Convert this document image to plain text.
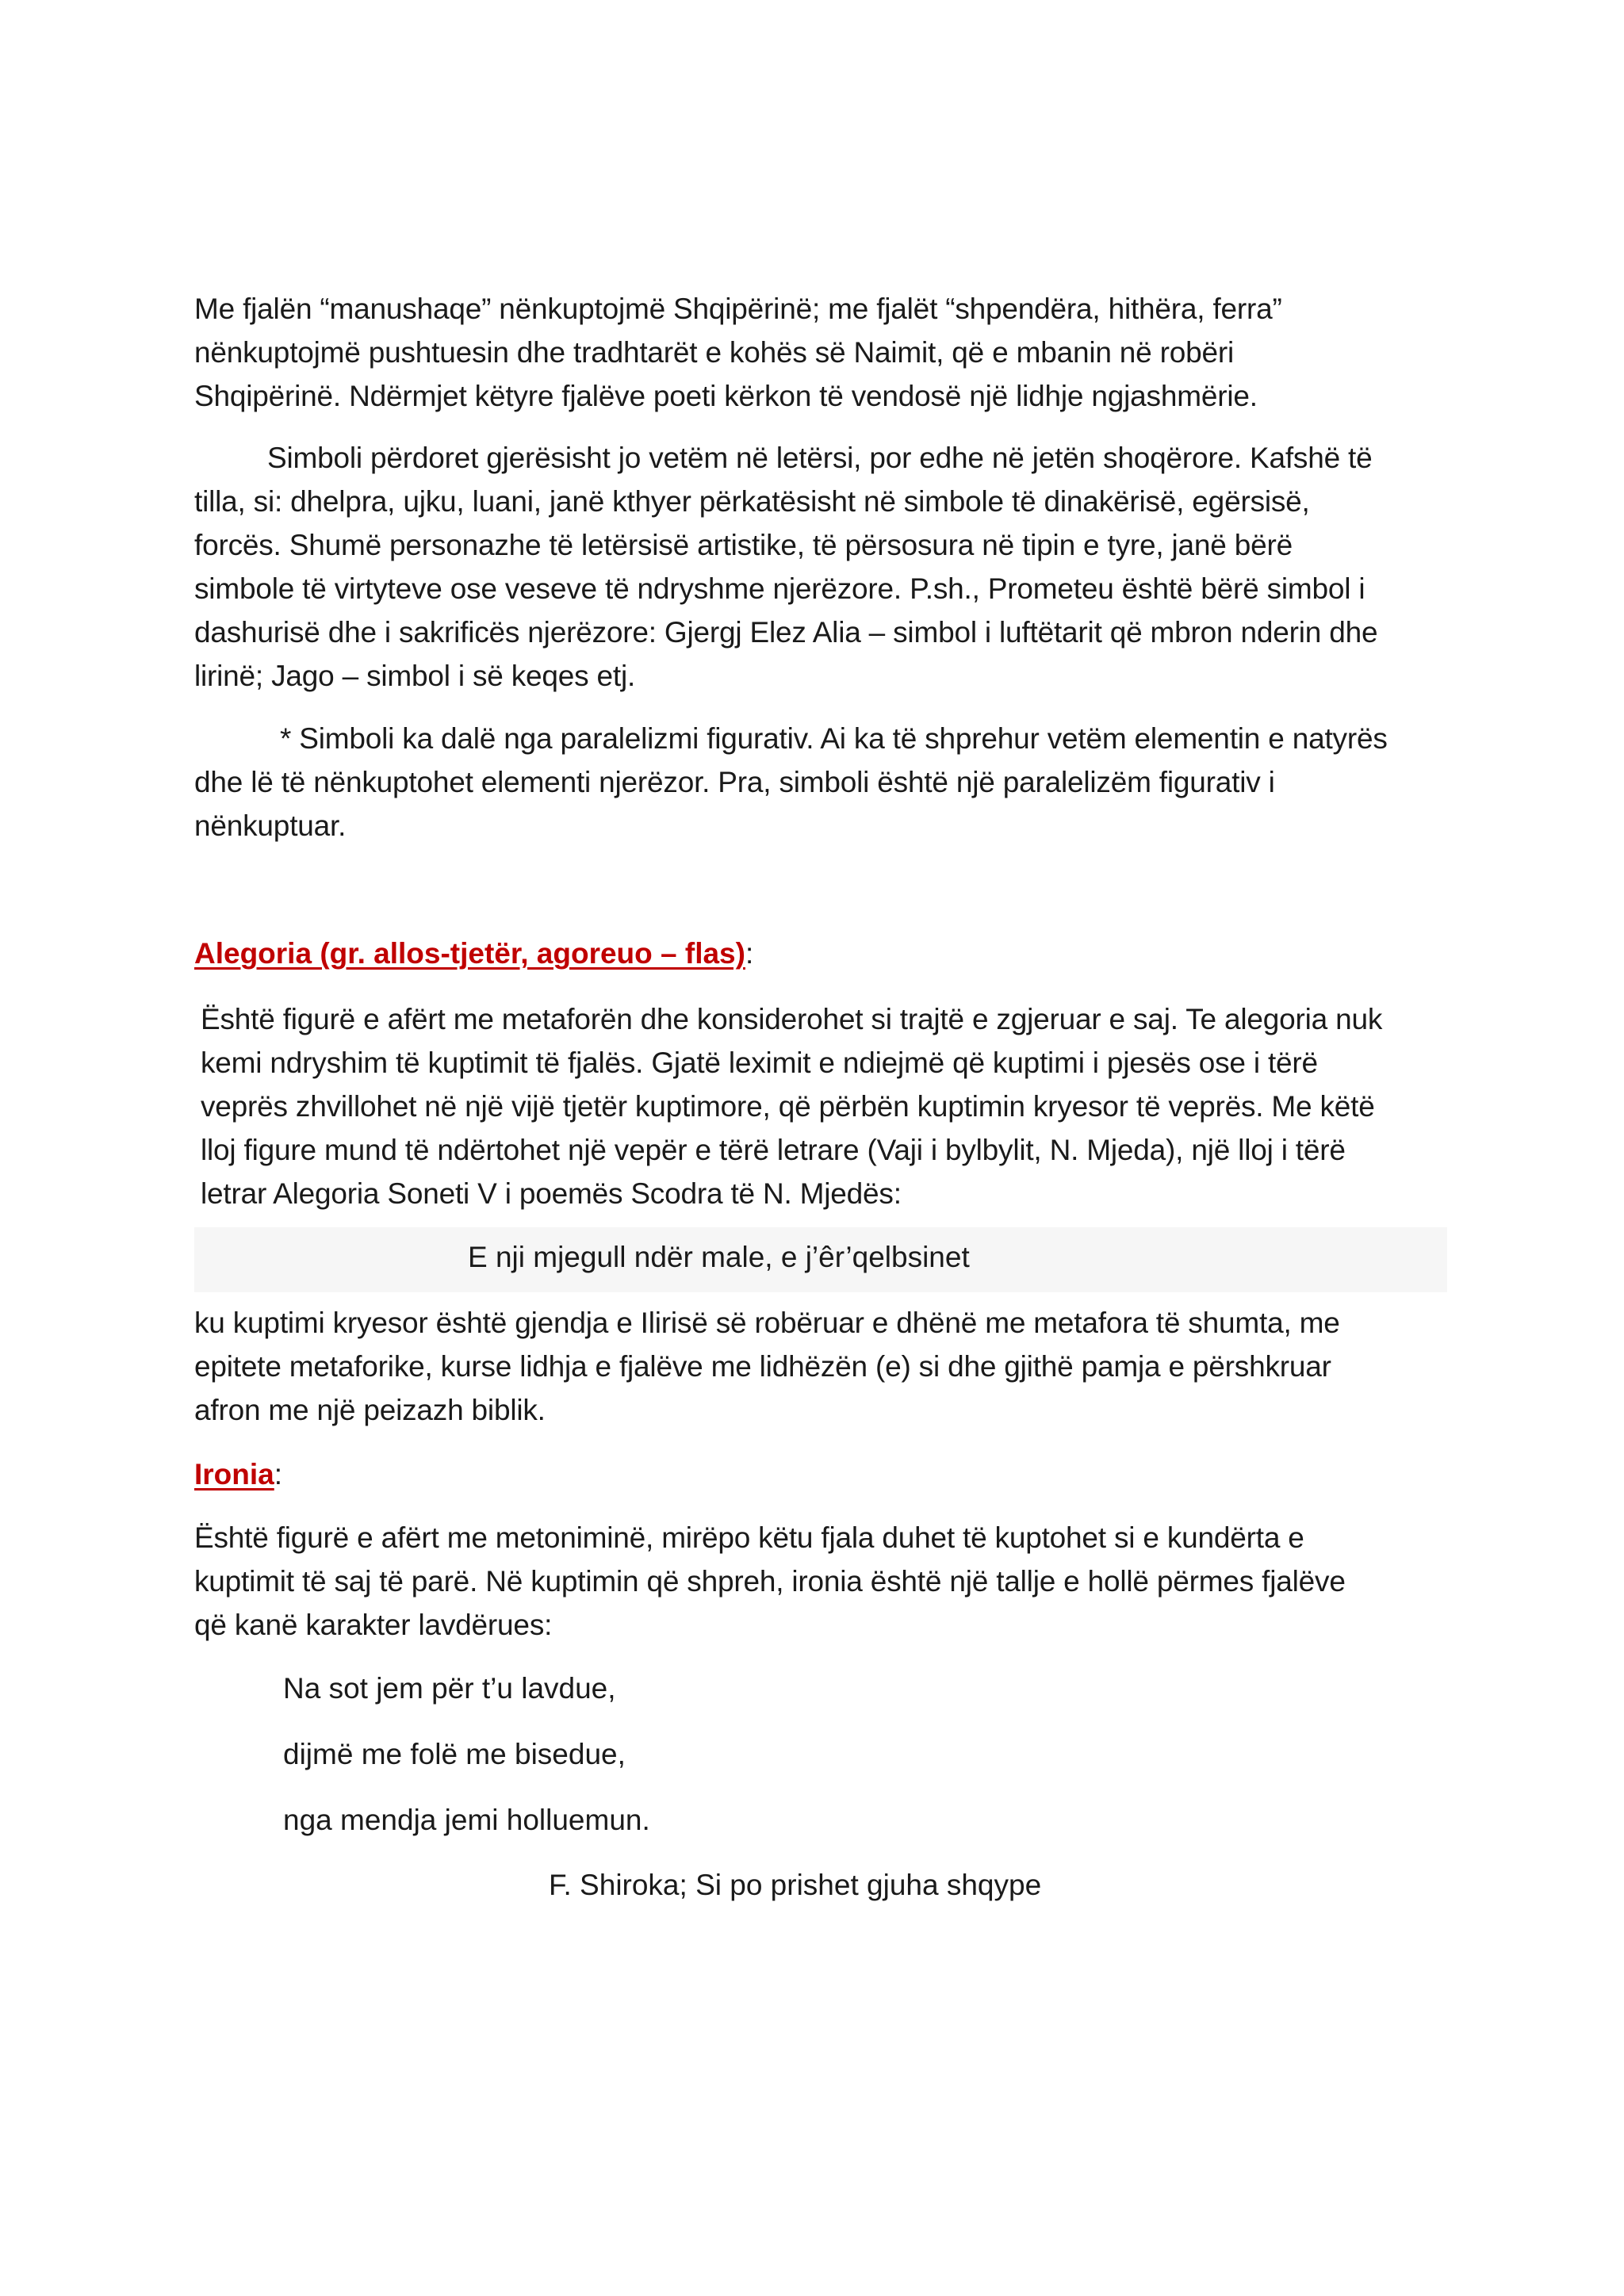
Me fjalën “manushaqe” nënkuptojmë Shqipërinë; me fjalët “shpendëra, hithëra, ferra”
nënkuptojmë pushtuesin dhe tradhtarët e kohës së Naimit, që e mbanin në robëri
Shqipërinë. Ndërmjet këtyre fjalëve poeti kërkon të vendosë një lidhje ngjashmërie.
Simboli përdoret gjerësisht jo vetëm në letërsi, por edhe në jetën shoqërore. Kafshë të
tilla, si: dhelpra, ujku, luani, janë kthyer përkatësisht në simbole të dinakërisë, egërsisë,
forcës. Shumë personazhe të letërsisë artistike, të përsosura në tipin e tyre, janë bërë
simbole të virtyteve ose veseve të ndryshme njerëzore. P.sh., Prometeu është bërë simbol i
dashurisë dhe i sakrificës njerëzore: Gjergj Elez Alia – simbol i luftëtarit që mbron nderin dhe
lirinë; Jago – simbol i së keqes etj.
* Simboli ka dalë nga paralelizmi figurativ. Ai ka të shprehur vetëm elementin e natyrës
dhe lë të nënkuptohet elementi njerëzor. Pra, simboli është një paralelizëm figurativ i
nënkuptuar.
Alegoria (gr. allos-tjetër, agoreuo – flas):
Është figurë e afërt me metaforën dhe konsiderohet si trajtë e zgjeruar e saj. Te alegoria nuk
kemi ndryshim të kuptimit të fjalës. Gjatë leximit e ndiejmë që kuptimi i pjesës ose i tërë
veprës zhvillohet në një vijë tjetër kuptimore, që përbën kuptimin kryesor të veprës. Me këtë
lloj figure mund të ndërtohet një vepër e tërë letrare (Vaji i bylbylit, N. Mjeda), një lloj i tërë
letrar Alegoria Soneti V i poemës Scodra të N. Mjedës:
E nji mjegull ndër male, e j’êr’qelbsinet
ku kuptimi kryesor është gjendja e Ilirisë së robëruar e dhënë me metafora të shumta, me
epitete metaforike, kurse lidhja e fjalëve me lidhëzën (e) si dhe gjithë pamja e përshkruar
afron me një peizazh biblik.
Ironia:
Është figurë e afërt me metoniminë, mirëpo këtu fjala duhet të kuptohet si e kundërta e
kuptimit të saj të parë. Në kuptimin që shpreh, ironia është një tallje e hollë përmes fjalëve
që kanë karakter lavdërues:
Na sot jem për t’u lavdue,
dijmë me folë me bisedue,
nga mendja jemi holluemun.
F. Shiroka; Si po prishet gjuha shqype
